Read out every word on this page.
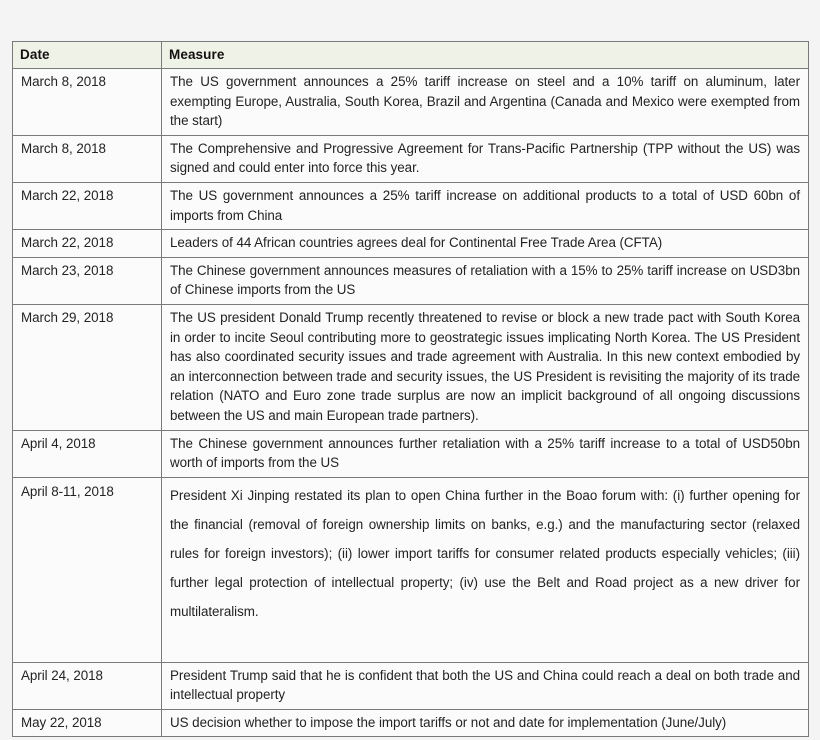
Date	Measure
March 8, 2018	The US government announces a 25% tariff increase on steel and a 10% tariff on aluminum, later exempting Europe, Australia, South Korea, Brazil and Argentina (Canada and Mexico were exempted from the start)

March 8, 2018	The Comprehensive and Progressive Agreement for Trans-Pacific Partnership (TPP without the US) was signed and could enter into force this year.

March 22, 2018	The US government announces a 25% tariff increase on additional products to a total of USD 60bn of imports from China

March 22, 2018	Leaders of 44 African countries agrees deal for Continental Free Trade Area (CFTA)

March 23, 2018	The Chinese government announces measures of retaliation with a 15% to 25% tariff increase on USD3bn of Chinese imports from the US

March 29, 2018	The US president Donald Trump recently threatened to revise or block a new trade pact with South Korea in order to incite Seoul contributing more to geostrategic issues implicating North Korea. The US President has also coordinated security issues and trade agreement with Australia. In this new context embodied by an interconnection between trade and security issues, the US President is revisiting the majority of its trade relation (NATO and Euro zone trade surplus are now an implicit background of all ongoing discussions between the US and main European trade partners).

April 4, 2018	The Chinese government announces further retaliation with a 25% tariff increase to a total of USD50bn worth of imports from the US

April 8-11, 2018	President Xi Jinping restated its plan to open China further in the Boao forum with: (i) further opening for the financial (removal of foreign ownership limits on banks, e.g.) and the manufacturing sector (relaxed rules for foreign investors); (ii) lower import tariffs for consumer related products especially vehicles; (iii) further legal protection of intellectual property; (iv) use the Belt and Road project as a new driver for multilateralism.

April 24, 2018	President Trump said that he is confident that both the US and China could reach a deal on both trade and intellectual property

May 22, 2018	US decision whether to impose the import tariffs or not and date for implementation (June/July)
